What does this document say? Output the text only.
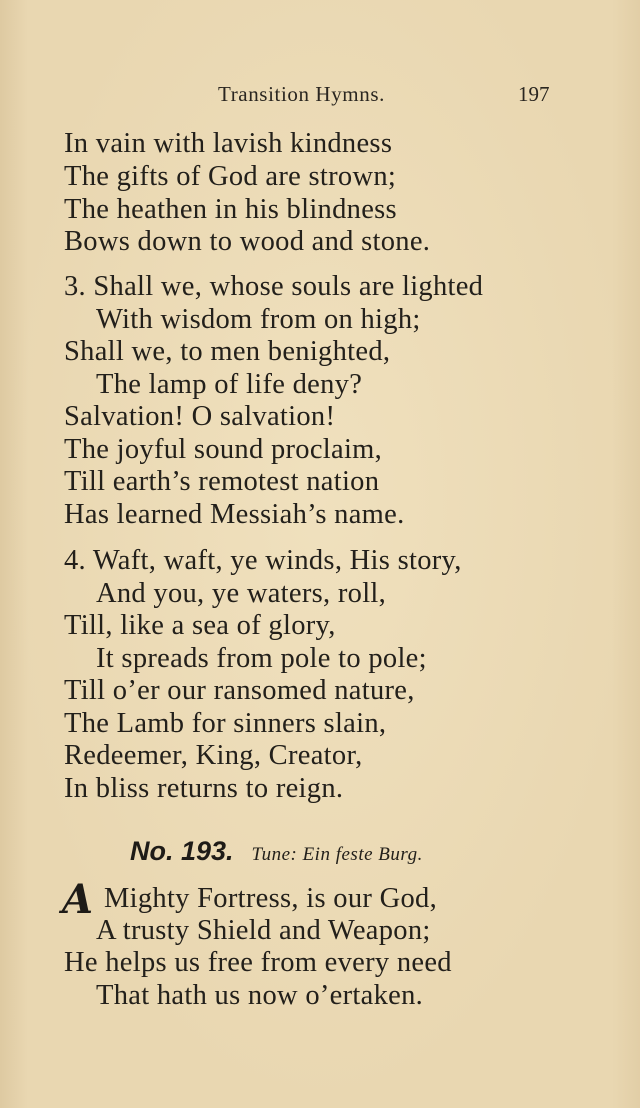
Transition Hymns.	197
In vain with lavish kindness
The gifts of God are strown;
The heathen in his blindness
Bows down to wood and stone.
3. Shall we, whose souls are lighted
With wisdom from on high;
Shall we, to men benighted,
The lamp of life deny?
Salvation! O salvation!
The joyful sound proclaim,
Till earth’s remotest nation
Has learned Messiah’s name.
4. Waft, waft, ye winds, His story,
And you, ye waters, roll,
Till, like a sea of glory,
It spreads from pole to pole;
Till o’er our ransomed nature,
The Lamb for sinners slain,
Redeemer, King, Creator,
In bliss returns to reign.
No. 193. Tune: Ein feste Burg.
A Mighty Fortress, is our God,
A trusty Shield and Weapon;
He helps us free from every need
That hath us now o’ertaken.
